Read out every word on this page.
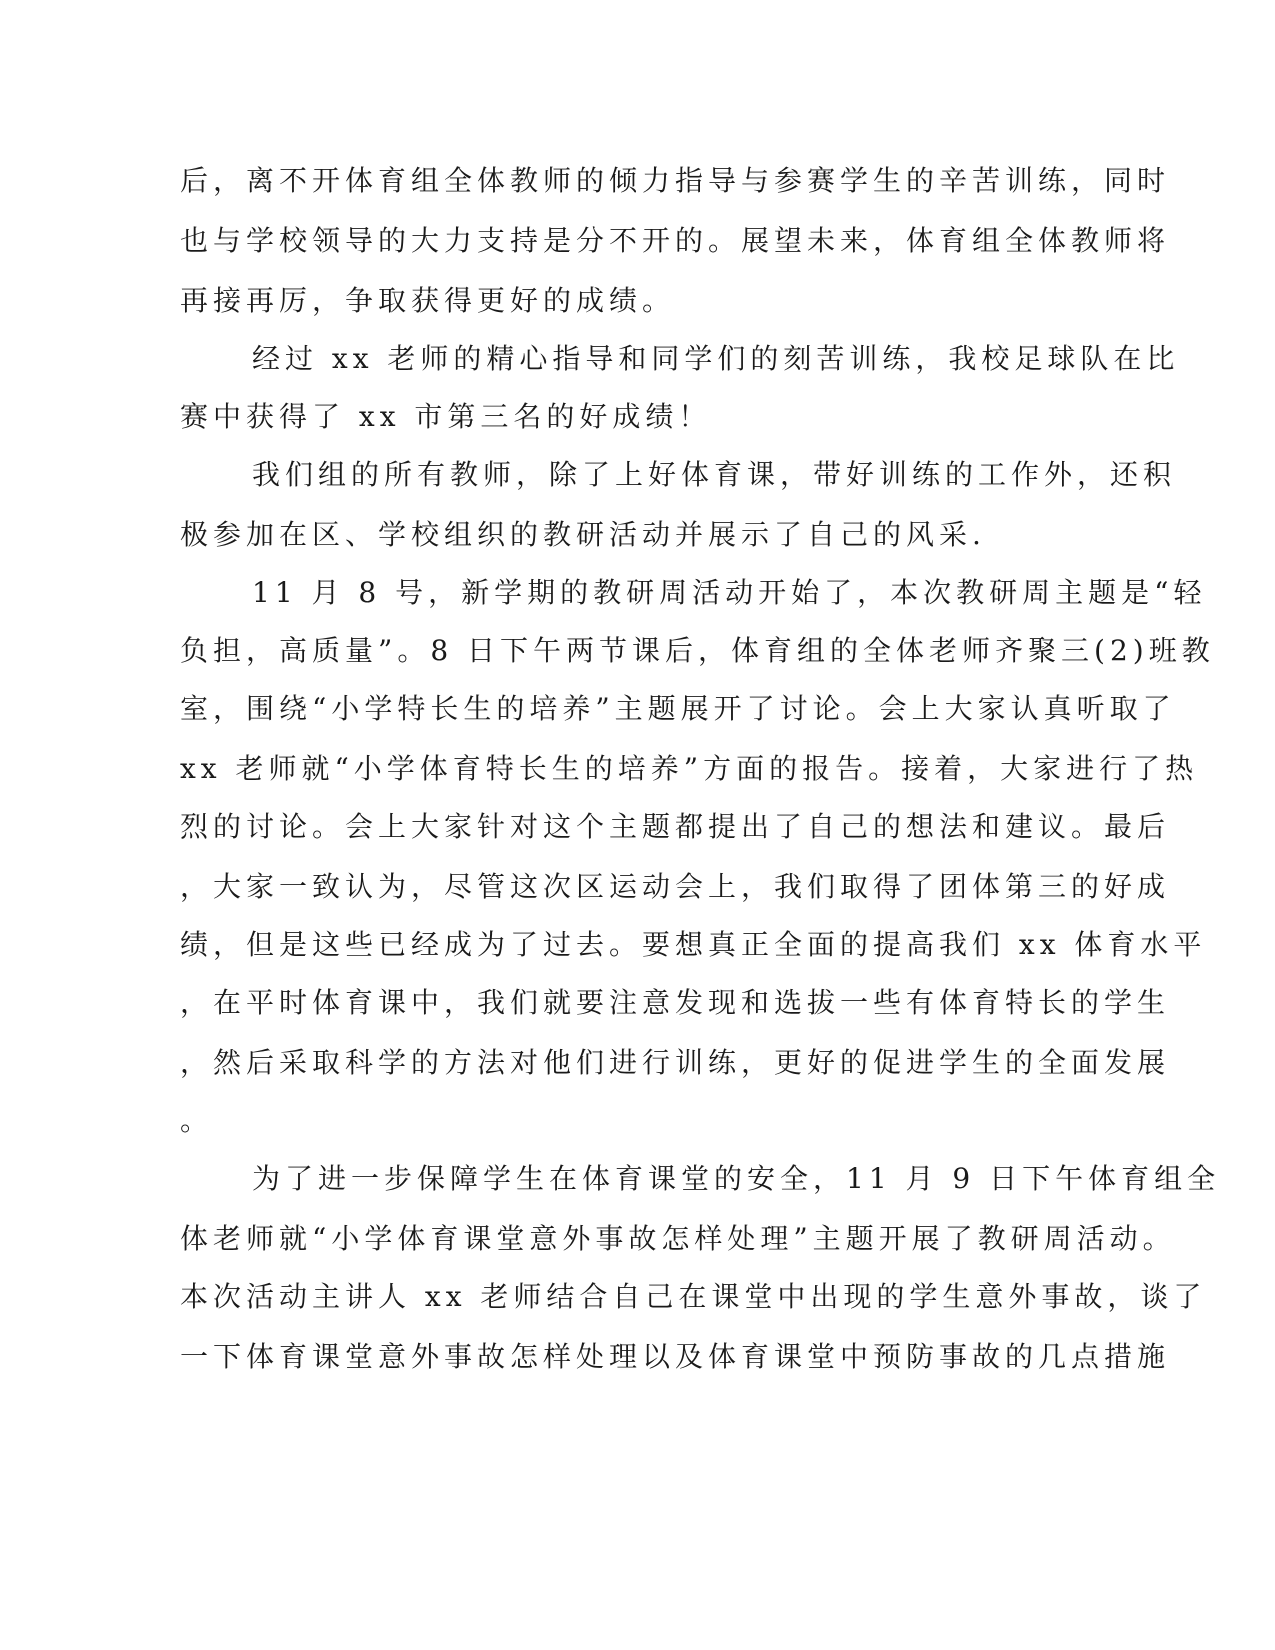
后，离不开体育组全体教师的倾力指导与参赛学生的辛苦训练，同时
也与学校领导的大力支持是分不开的。展望未来，体育组全体教师将
再接再厉，争取获得更好的成绩。
经过 xx 老师的精心指导和同学们的刻苦训练，我校足球队在比
赛中获得了 xx 市第三名的好成绩！
我们组的所有教师，除了上好体育课，带好训练的工作外，还积
极参加在区、学校组织的教研活动并展示了自己的风采.
11 月 8 号，新学期的教研周活动开始了，本次教研周主题是“轻
负担，高质量”。8 日下午两节课后，体育组的全体老师齐聚三(2)班教
室，围绕“小学特长生的培养”主题展开了讨论。会上大家认真听取了
xx 老师就“小学体育特长生的培养”方面的报告。接着，大家进行了热
烈的讨论。会上大家针对这个主题都提出了自己的想法和建议。最后
，大家一致认为，尽管这次区运动会上，我们取得了团体第三的好成
绩，但是这些已经成为了过去。要想真正全面的提高我们 xx 体育水平
，在平时体育课中，我们就要注意发现和选拔一些有体育特长的学生
，然后采取科学的方法对他们进行训练，更好的促进学生的全面发展
。
为了进一步保障学生在体育课堂的安全，11 月 9 日下午体育组全
体老师就“小学体育课堂意外事故怎样处理”主题开展了教研周活动。
本次活动主讲人 xx 老师结合自己在课堂中出现的学生意外事故，谈了
一下体育课堂意外事故怎样处理以及体育课堂中预防事故的几点措施
